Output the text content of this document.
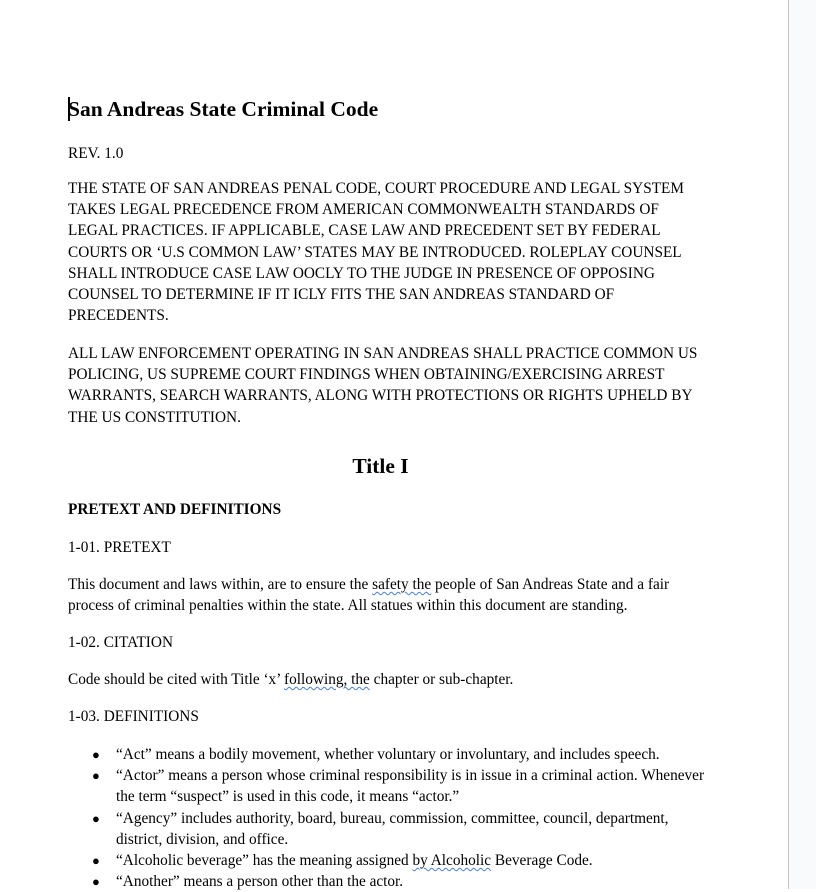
San Andreas State Criminal Code
REV. 1.0
THE STATE OF SAN ANDREAS PENAL CODE, COURT PROCEDURE AND LEGAL SYSTEM TAKES LEGAL PRECEDENCE FROM AMERICAN COMMONWEALTH STANDARDS OF LEGAL PRACTICES. IF APPLICABLE, CASE LAW AND PRECEDENT SET BY FEDERAL COURTS OR ‘U.S COMMON LAW’ STATES MAY BE INTRODUCED. ROLEPLAY COUNSEL SHALL INTRODUCE CASE LAW OOCLY TO THE JUDGE IN PRESENCE OF OPPOSING COUNSEL TO DETERMINE IF IT ICLY FITS THE SAN ANDREAS STANDARD OF PRECEDENTS.
ALL LAW ENFORCEMENT OPERATING IN SAN ANDREAS SHALL PRACTICE COMMON US POLICING, US SUPREME COURT FINDINGS WHEN OBTAINING/EXERCISING ARREST WARRANTS, SEARCH WARRANTS, ALONG WITH PROTECTIONS OR RIGHTS UPHELD BY THE US CONSTITUTION.
Title I
PRETEXT AND DEFINITIONS
1-01. PRETEXT
This document and laws within, are to ensure the safety the people of San Andreas State and a fair process of criminal penalties within the state. All statues within this document are standing.
1-02. CITATION
Code should be cited with Title ‘x’ following, the chapter or sub-chapter.
1-03. DEFINITIONS
● “Act” means a bodily movement, whether voluntary or involuntary, and includes speech.
● “Actor” means a person whose criminal responsibility is in issue in a criminal action. Whenever the term “suspect” is used in this code, it means “actor.”
● “Agency” includes authority, board, bureau, commission, committee, council, department, district, division, and office.
● “Alcoholic beverage” has the meaning assigned by Alcoholic Beverage Code.
● “Another” means a person other than the actor.
